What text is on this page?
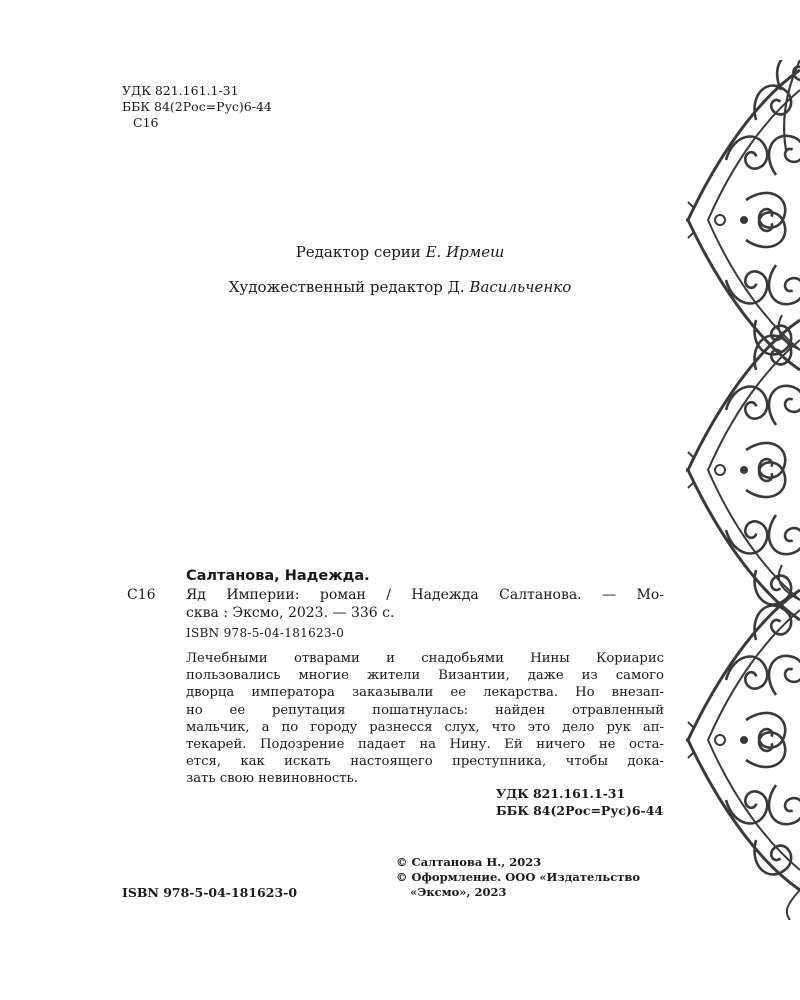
УДК 821.161.1-31
ББК 84(2Рос=Рус)6-44
С16
Редактор серии Е. Ирмеш
Художественный редактор Д. Васильченко
Салтанова, Надежда.
С16 Яд Империи: роман / Надежда Салтанова. — Мо-
сква : Эксмо, 2023. — 336 с.
ISBN 978-5-04-181623-0
Лечебными отварами и снадобьями Нины Кориарис
пользовались многие жители Византии, даже из самого
дворца императора заказывали ее лекарства. Но внезап-
но ее репутация пошатнулась: найден отравленный
мальчик, а по городу разнесся слух, что это дело рук ап-
текарей. Подозрение падает на Нину. Ей ничего не оста-
ется, как искать настоящего преступника, чтобы дока-
зать свою невиновность.
УДК 821.161.1-31
ББК 84(2Рос=Рус)6-44
© Салтанова Н., 2023
© Оформление. ООО «Издательство
«Эксмо», 2023
ISBN 978-5-04-181623-0
